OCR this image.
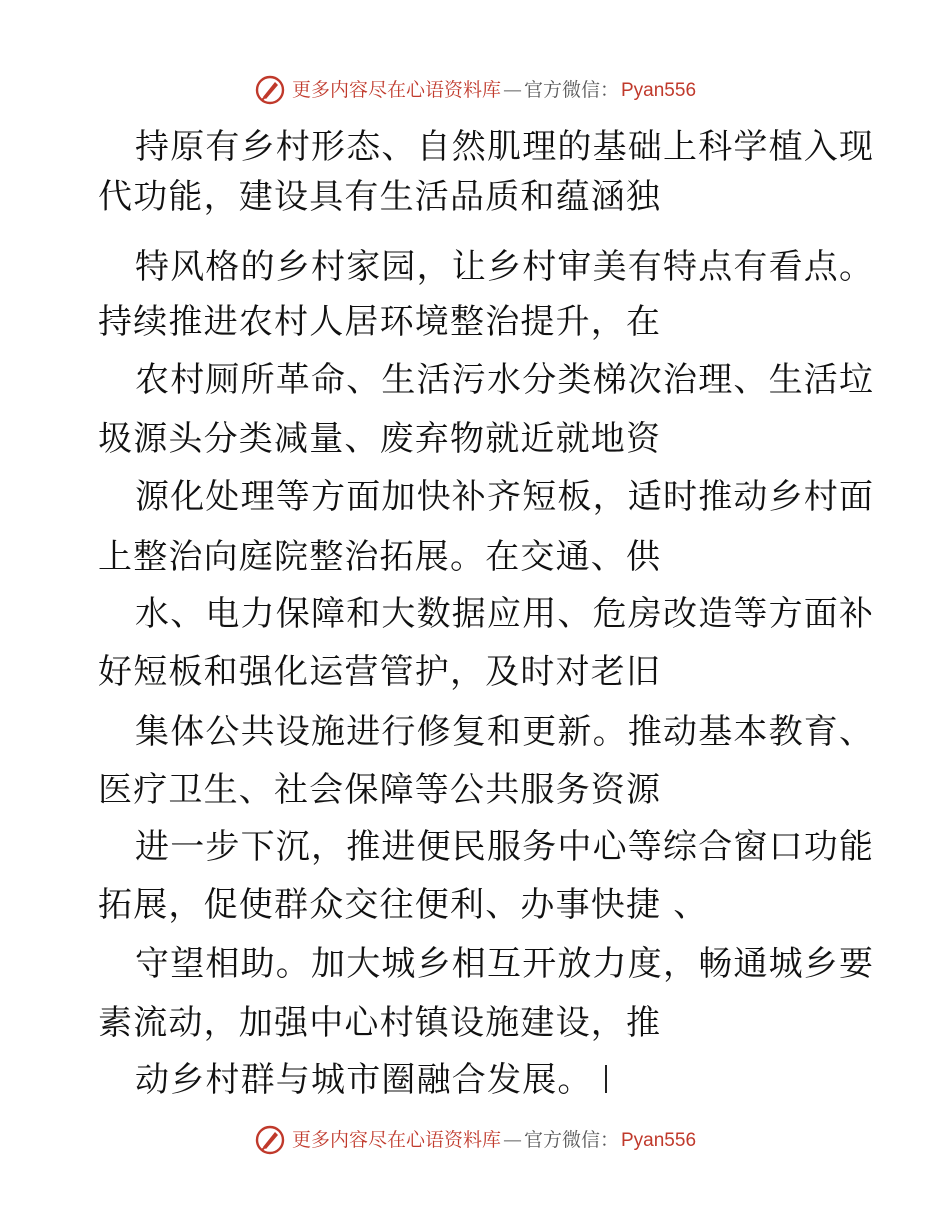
更多内容尽在心语资料库 — 官方微信： Pyan556
持原有乡村形态、自然肌理的基础上科学植入现
代功能，建设具有生活品质和蕴涵独
特风格的乡村家园，让乡村审美有特点有看点。
持续推进农村人居环境整治提升，在
农村厕所革命、生活污水分类梯次治理、生活垃
圾源头分类减量、废弃物就近就地资
源化处理等方面加快补齐短板，适时推动乡村面
上整治向庭院整治拓展。在交通、供
水、电力保障和大数据应用、危房改造等方面补
好短板和强化运营管护，及时对老旧
集体公共设施进行修复和更新。推动基本教育、
医疗卫生、社会保障等公共服务资源
进一步下沉，推进便民服务中心等综合窗口功能
拓展，促使群众交往便利、办事快捷 、
守望相助。加大城乡相互开放力度，畅通城乡要
素流动，加强中心村镇设施建设，推
动乡村群与城市圈融合发展。
更多内容尽在心语资料库 — 官方微信： Pyan556
